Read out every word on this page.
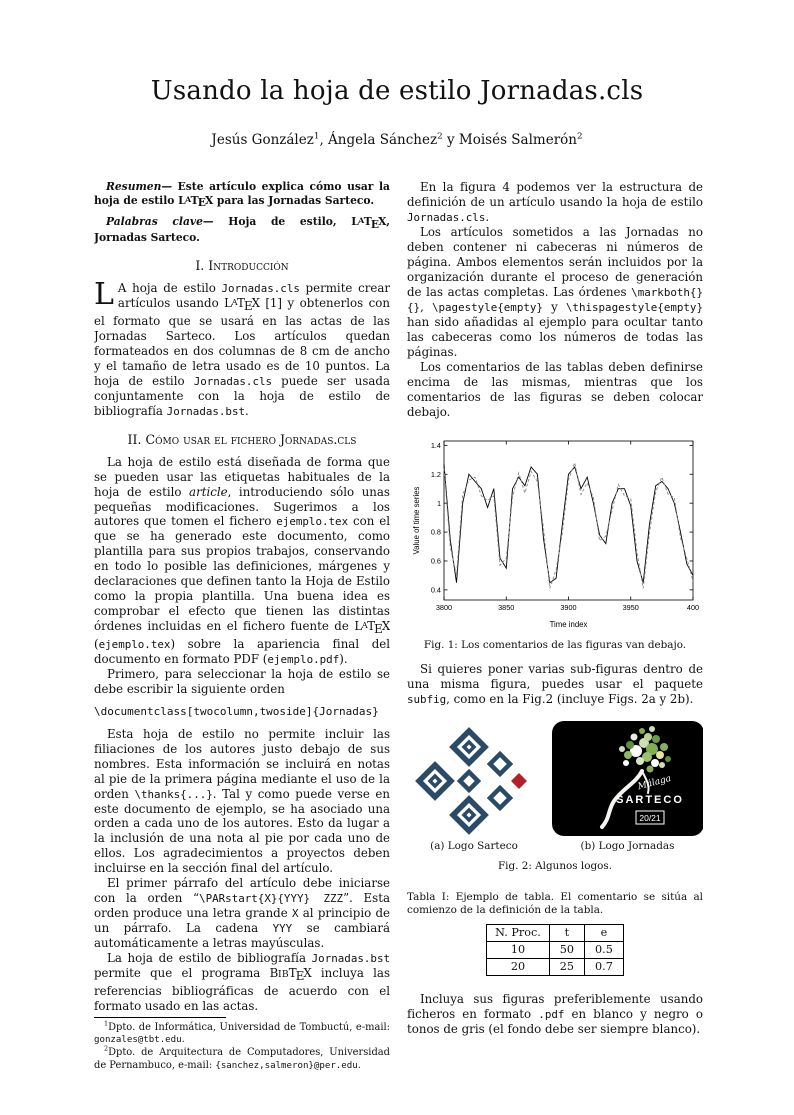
Usando la hoja de estilo Jornadas.cls
Jesús González$^1$, Ángela Sánchez$^2$ y Moisés Salmerón$^2$

Resumen— Este artículo explica cómo usar la hoja de estilo $L^ATEX$ para las Jornadas Sarteco.

Palabras clave— Hoja de estilo, $L^ATEX$, Jornadas Sarteco.

I. Introducción

L A hoja de estilo Jornadas.cls permite crear artículos usando $L^ATEX$ [1] y obtenerlos con el formato que se usará en las actas de las Jornadas Sarteco. Los artículos quedan formateados en dos columnas de 8 cm de ancho y el tamaño de letra usado es de 10 puntos. La hoja de estilo Jornadas.cls puede ser usada conjuntamente con la hoja de estilo de bibliografía Jornadas.bst.

II. Cómo usar el fichero Jornadas.cls

La hoja de estilo está diseñada de forma que se pueden usar las etiquetas habituales de la hoja de estilo article, introduciendo sólo unas pequeñas modificaciones. Sugerimos a los autores que tomen el fichero ejemplo.tex con el que se ha generado este documento, como plantilla para sus propios trabajos, conservando en todo lo posible las definiciones, márgenes y declaraciones que definen tanto la Hoja de Estilo como la propia plantilla. Una buena idea es comprobar el efecto que tienen las distintas órdenes incluidas en el fichero fuente de $L^ATEX$ (ejemplo.tex) sobre la apariencia final del documento en formato PDF (ejemplo.pdf).

Primero, para seleccionar la hoja de estilo se debe escribir la siguiente orden

\documentclass[twocolumn,twoside]{Jornadas}

Esta hoja de estilo no permite incluir las filiaciones de los autores justo debajo de sus nombres. Esta información se incluirá en notas al pie de la primera página mediante el uso de la orden \thanks{...}. Tal y como puede verse en este documento de ejemplo, se ha asociado una orden a cada uno de los autores. Esto da lugar a la inclusión de una nota al pie por cada uno de ellos. Los agradecimientos a proyectos deben incluirse en la sección final del artículo.

El primer párrafo del artículo debe iniciarse con la orden “\PARstart{X}{YYY} ZZZ”. Esta orden produce una letra grande X al principio de un párrafo. La cadena YYY se cambiará automáticamente a letras mayúsculas.

La hoja de estilo de bibliografía Jornadas.bst permite que el programa BIBTEX incluya las referencias bibliográficas de acuerdo con el formato usado en las actas.

$^1$Dpto. de Informática, Universidad de Tombuctú, e-mail: gonzales@tbt.edu.
$^2$Dpto. de Arquitectura de Computadores, Universidad de Pernambuco, e-mail: {sanchez,salmeron}@per.edu.

En la figura 4 podemos ver la estructura de definición de un artículo usando la hoja de estilo Jornadas.cls.

Los artículos sometidos a las Jornadas no deben contener ni cabeceras ni números de página. Ambos elementos serán incluidos por la organización durante el proceso de generación de las actas completas. Las órdenes \markboth{}{}, \pagestyle{empty} y \thispagestyle{empty} han sido añadidas al ejemplo para ocultar tanto las cabeceras como los números de todas las páginas.

Los comentarios de las tablas deben definirse encima de las mismas, mientras que los comentarios de las figuras se deben colocar debajo.

3800	3850	3900	3950	400
0.4
0.6
0.8
1
1.2
1.4
Time index
Value of time series
Fig. 1: Los comentarios de las figuras van debajo.

Si quieres poner varias sub-figuras dentro de una misma figura, puedes usar el paquete subfig, como en la Fig.2 (incluye Figs. 2a y 2b).

(a) Logo Sarteco
Málaga
SARTECO
20/21
(b) Logo Jornadas
Fig. 2: Algunos logos.
Tabla I: Ejemplo de tabla. El comentario se sitúa al comienzo de la definición de la tabla.
N. Proc.	t	e
10	50	0.5
20	25	0.7

Incluya sus figuras preferiblemente usando ficheros en formato .pdf en blanco y negro o tonos de gris (el fondo debe ser siempre blanco).
